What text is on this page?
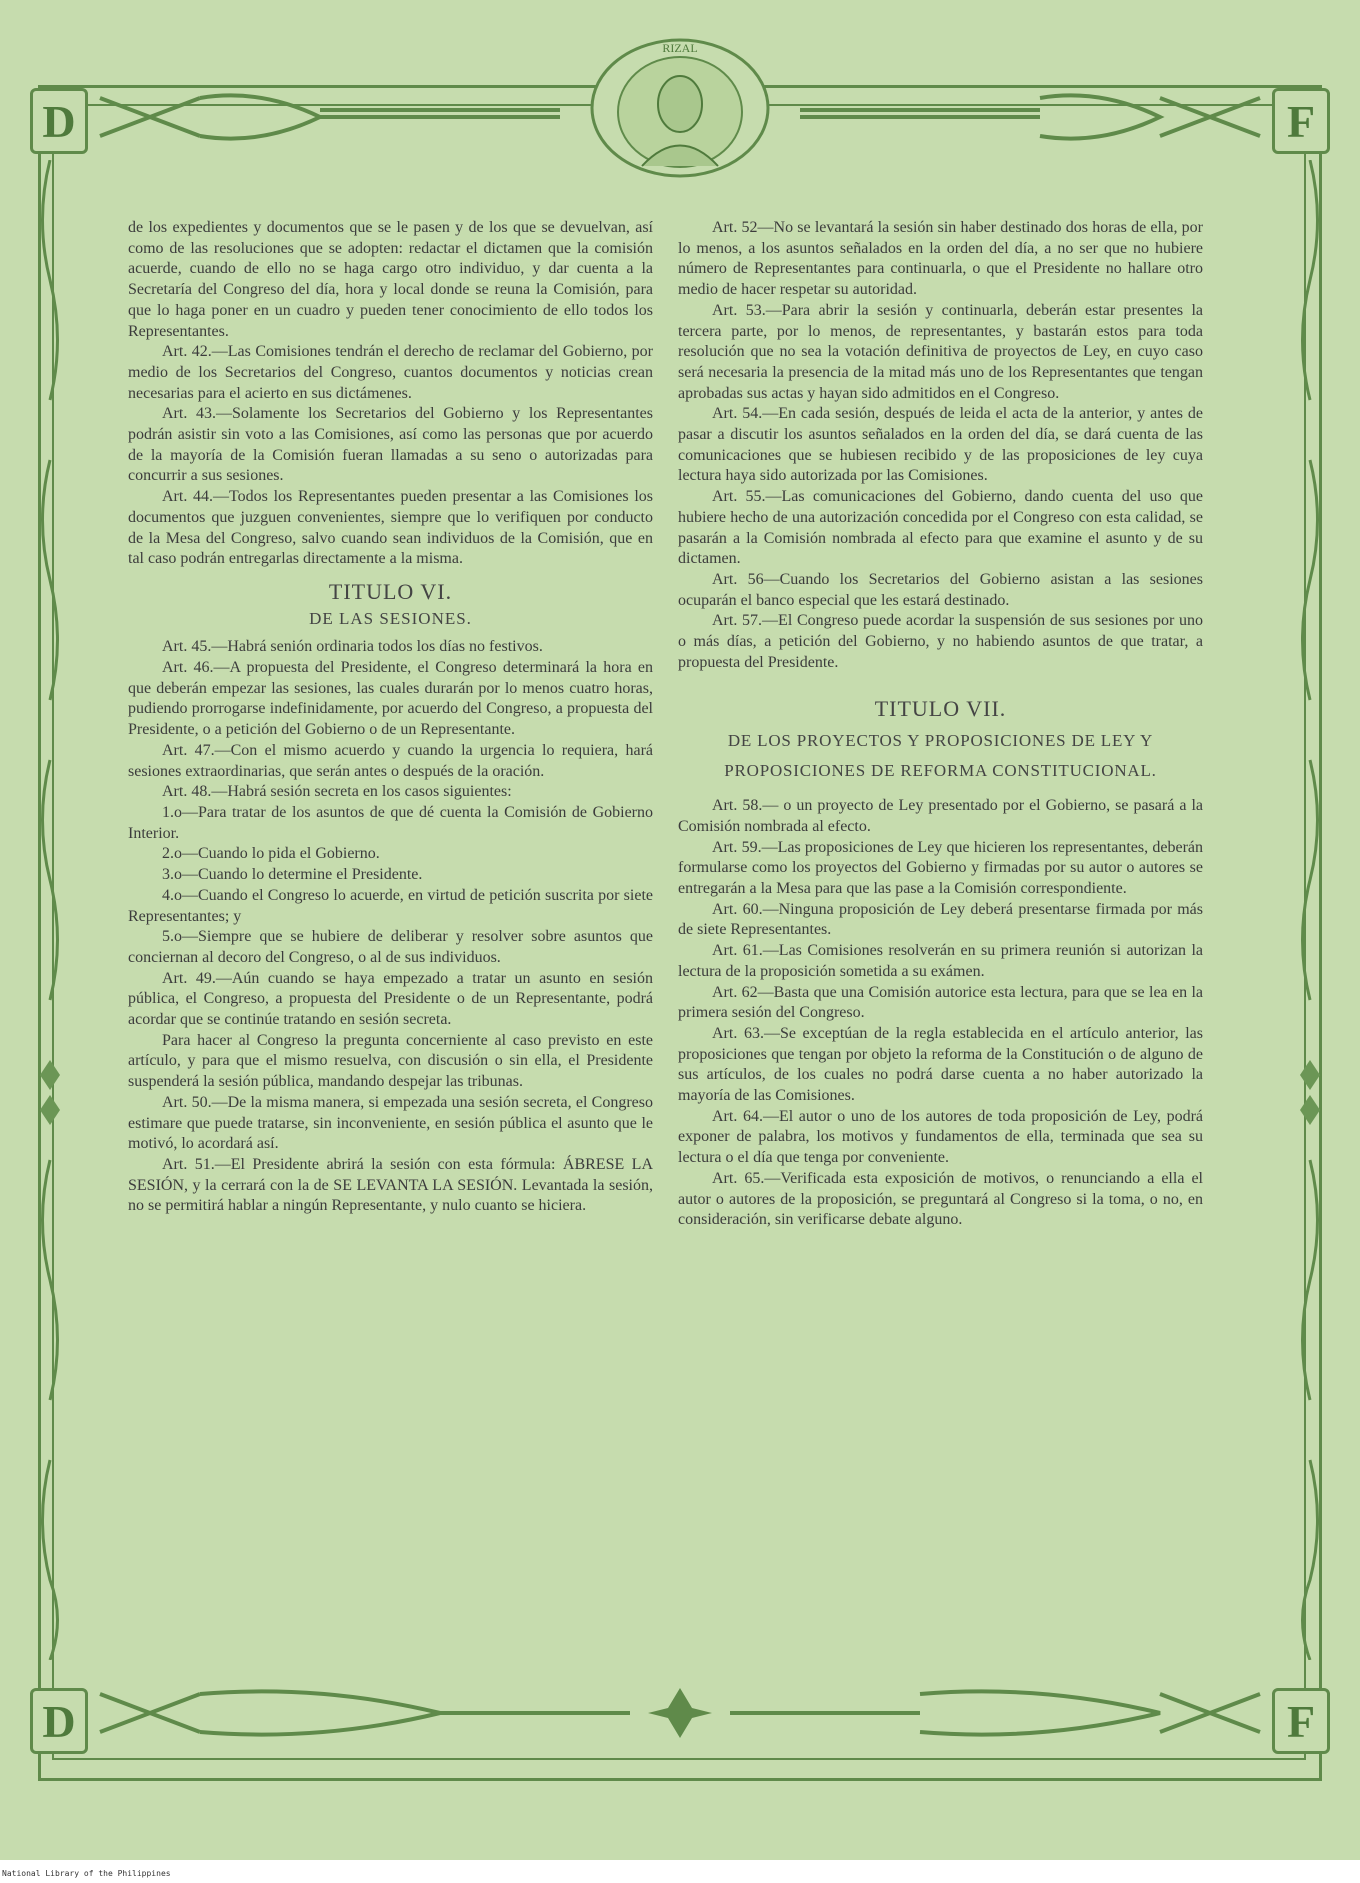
D	F
D	F
RIZAL

de los expedientes y documentos que se le pasen y de los que se devuelvan, así como de las resoluciones que se adopten: redactar el dictamen que la comisión acuerde, cuando de ello no se haga cargo otro individuo, y dar cuenta a la Secretaría del Congreso del día, hora y local donde se reuna la Comisión, para que lo haga poner en un cuadro y pueden tener conocimiento de ello todos los Representantes.

Art. 42.—Las Comisiones tendrán el derecho de reclamar del Gobierno, por medio de los Secretarios del Congreso, cuantos documentos y noticias crean necesarias para el acierto en sus dictámenes.

Art. 43.—Solamente los Secretarios del Gobierno y los Representantes podrán asistir sin voto a las Comisiones, así como las personas que por acuerdo de la mayoría de la Comisión fueran llamadas a su seno o autorizadas para concurrir a sus sesiones.

Art. 44.—Todos los Representantes pueden presentar a las Comisiones los documentos que juzguen convenientes, siempre que lo verifiquen por conducto de la Mesa del Congreso, salvo cuando sean individuos de la Comisión, que en tal caso podrán entregarlas directamente a la misma.

TITULO VI.
DE LAS SESIONES.

Art. 45.—Habrá senión ordinaria todos los días no festivos.

Art. 46.—A propuesta del Presidente, el Congreso determinará la hora en que deberán empezar las sesiones, las cuales durarán por lo menos cuatro horas, pudiendo prorrogarse indefinidamente, por acuerdo del Congreso, a propuesta del Presidente, o a petición del Gobierno o de un Representante.

Art. 47.—Con el mismo acuerdo y cuando la urgencia lo requiera, hará sesiones extraordinarias, que serán antes o después de la oración.

Art. 48.—Habrá sesión secreta en los casos siguientes:

1.o—Para tratar de los asuntos de que dé cuenta la Comisión de Gobierno Interior.

2.o—Cuando lo pida el Gobierno.

3.o—Cuando lo determine el Presidente.

4.o—Cuando el Congreso lo acuerde, en virtud de petición suscrita por siete Representantes; y

5.o—Siempre que se hubiere de deliberar y resolver sobre asuntos que conciernan al decoro del Congreso, o al de sus individuos.

Art. 49.—Aún cuando se haya empezado a tratar un asunto en sesión pública, el Congreso, a propuesta del Presidente o de un Representante, podrá acordar que se continúe tratando en sesión secreta.

Para hacer al Congreso la pregunta concerniente al caso previsto en este artículo, y para que el mismo resuelva, con discusión o sin ella, el Presidente suspenderá la sesión pública, mandando despejar las tribunas.

Art. 50.—De la misma manera, si empezada una sesión secreta, el Congreso estimare que puede tratarse, sin inconveniente, en sesión pública el asunto que le motivó, lo acordará así.

Art. 51.—El Presidente abrirá la sesión con esta fórmula: ÁBRESE LA SESIÓN, y la cerrará con la de SE LEVANTA LA SESIÓN. Levantada la sesión, no se permitirá hablar a ningún Representante, y nulo cuanto se hiciera.

Art. 52—No se levantará la sesión sin haber destinado dos horas de ella, por lo menos, a los asuntos señalados en la orden del día, a no ser que no hubiere número de Representantes para continuarla, o que el Presidente no hallare otro medio de hacer respetar su autoridad.

Art. 53.—Para abrir la sesión y continuarla, deberán estar presentes la tercera parte, por lo menos, de representantes, y bastarán estos para toda resolución que no sea la votación definitiva de proyectos de Ley, en cuyo caso será necesaria la presencia de la mitad más uno de los Representantes que tengan aprobadas sus actas y hayan sido admitidos en el Congreso.

Art. 54.—En cada sesión, después de leida el acta de la anterior, y antes de pasar a discutir los asuntos señalados en la orden del día, se dará cuenta de las comunicaciones que se hubiesen recibido y de las proposiciones de ley cuya lectura haya sido autorizada por las Comisiones.

Art. 55.—Las comunicaciones del Gobierno, dando cuenta del uso que hubiere hecho de una autorización concedida por el Congreso con esta calidad, se pasarán a la Comisión nombrada al efecto para que examine el asunto y de su dictamen.

Art. 56—Cuando los Secretarios del Gobierno asistan a las sesiones ocuparán el banco especial que les estará destinado.

Art. 57.—El Congreso puede acordar la suspensión de sus sesiones por uno o más días, a petición del Gobierno, y no habiendo asuntos de que tratar, a propuesta del Presidente.

TITULO VII.
DE LOS PROYECTOS Y PROPOSICIONES DE LEY Y PROPOSICIONES DE REFORMA CONSTITUCIONAL.

Art. 58.— o un proyecto de Ley presentado por el Gobierno, se pasará a la Comisión nombrada al efecto.

Art. 59.—Las proposiciones de Ley que hicieren los representantes, deberán formularse como los proyectos del Gobierno y firmadas por su autor o autores se entregarán a la Mesa para que las pase a la Comisión correspondiente.

Art. 60.—Ninguna proposición de Ley deberá presentarse firmada por más de siete Representantes.

Art. 61.—Las Comisiones resolverán en su primera reunión si autorizan la lectura de la proposición sometida a su exámen.

Art. 62—Basta que una Comisión autorice esta lectura, para que se lea en la primera sesión del Congreso.

Art. 63.—Se exceptúan de la regla establecida en el artículo anterior, las proposiciones que tengan por objeto la reforma de la Constitución o de alguno de sus artículos, de los cuales no podrá darse cuenta a no haber autorizado la mayoría de las Comisiones.

Art. 64.—El autor o uno de los autores de toda proposición de Ley, podrá exponer de palabra, los motivos y fundamentos de ella, terminada que sea su lectura o el día que tenga por conveniente.

Art. 65.—Verificada esta exposición de motivos, o renunciando a ella el autor o autores de la proposición, se preguntará al Congreso si la toma, o no, en consideración, sin verificarse debate alguno.

National Library of the Philippines
